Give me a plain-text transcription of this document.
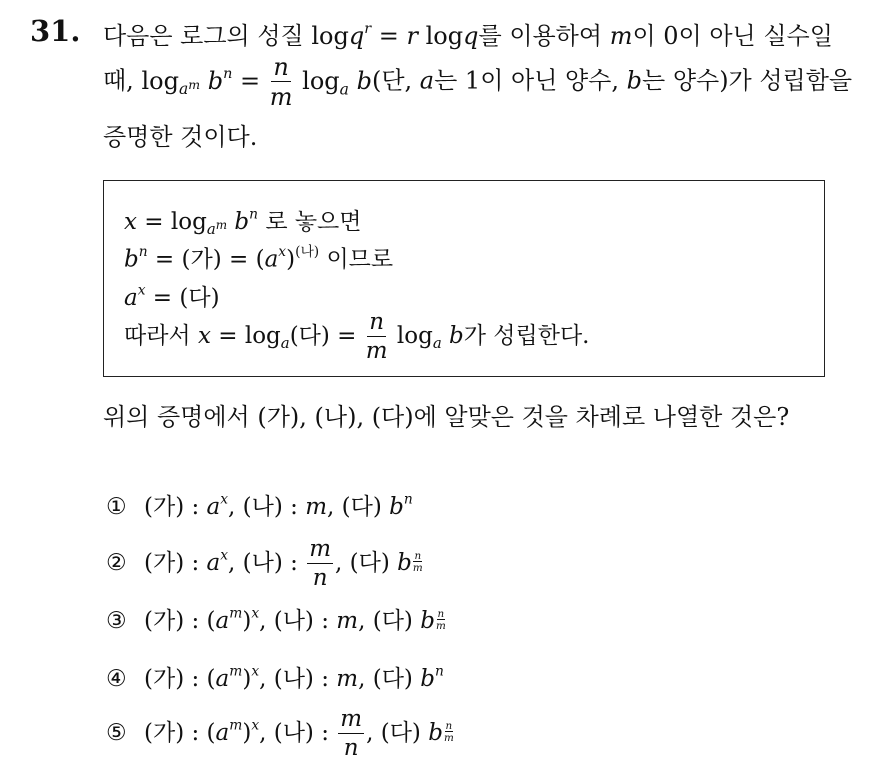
31. 다음은 로그의 성질 logq$^r$ = r logq를 이용하여 m이 0이 아닌 실수일
때, $\log_{a^m} b^n = \frac{n}{m} \log_a b$(단, a는 1이 아닌 양수, b는 양수)가 성립함을
증명한 것이다.
$x = \log_{a^m} b^n$ 로 놓으면
$b^n$ = (가) = $(a^x)^{(나)}$ 이므로
$a^x$ = (다)
따라서 $x = \log_a$(다) = $\frac{n}{m} \log_a b$가 성립한다.
위의 증명에서 (가), (나), (다)에 알맞은 것을 차례로 나열한 것은?
① (가) : $a^x$, (나) : m, (다) $b^n$
② (가) : $a^x$, (나) : $\frac{m}{n}$ , (다) b $\frac{n}{m}$
③ (가) : $(a^m)^x$, (나) : m, (다) b $\frac{n}{m}$
④ (가) : $(a^m)^x$, (나) : m, (다) $b^n$
⑤ (가) : $(a^m)^x$, (나) : $\frac{m}{n}$ , (다) b $\frac{n}{m}$
